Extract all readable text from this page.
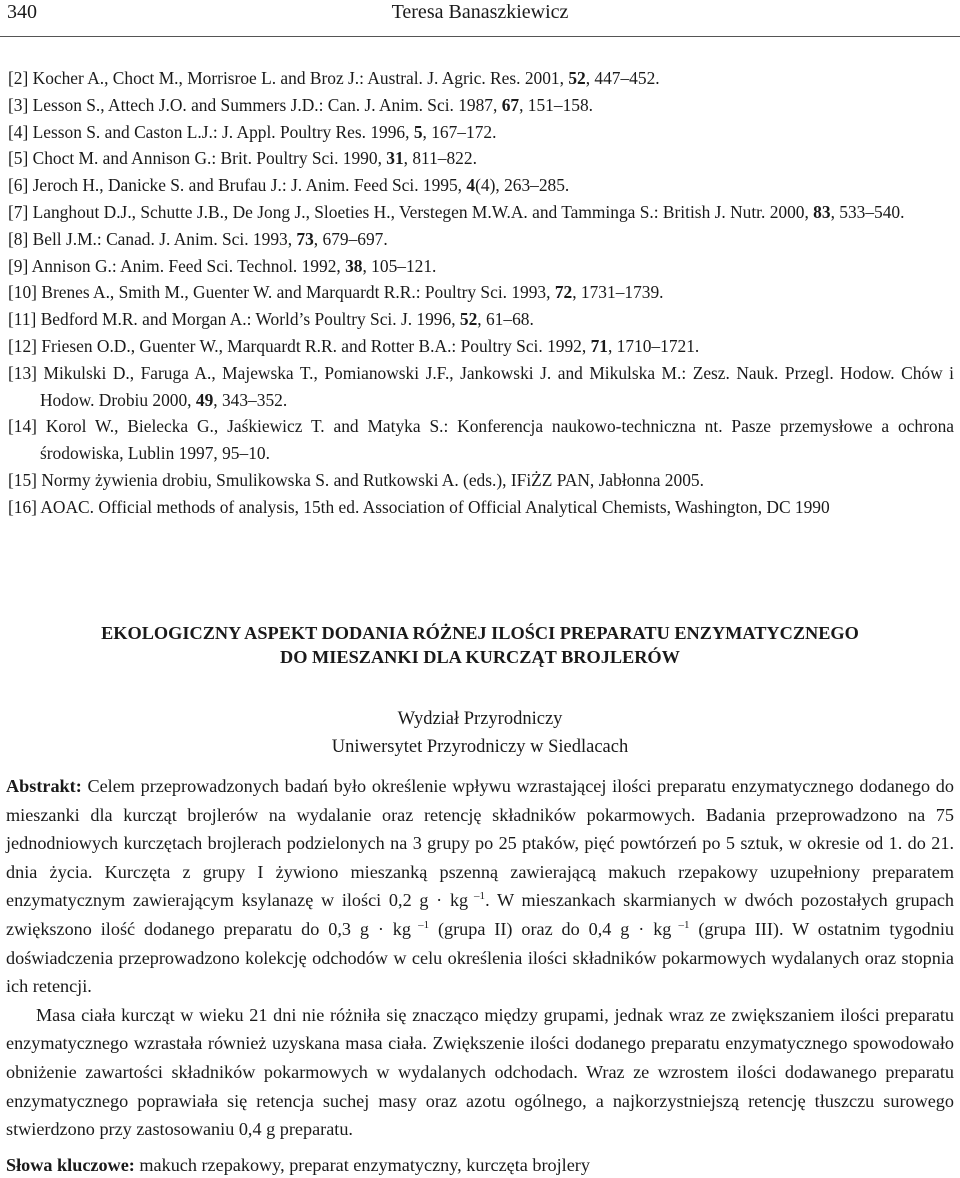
340	Teresa Banaszkiewicz
[2] Kocher A., Choct M., Morrisroe L. and Broz J.: Austral. J. Agric. Res. 2001, 52, 447–452.
[3] Lesson S., Attech J.O. and Summers J.D.: Can. J. Anim. Sci. 1987, 67, 151–158.
[4] Lesson S. and Caston L.J.: J. Appl. Poultry Res. 1996, 5, 167–172.
[5] Choct M. and Annison G.: Brit. Poultry Sci. 1990, 31, 811–822.
[6] Jeroch H., Danicke S. and Brufau J.: J. Anim. Feed Sci. 1995, 4(4), 263–285.
[7] Langhout D.J., Schutte J.B., De Jong J., Sloeties H., Verstegen M.W.A. and Tamminga S.: British J. Nutr. 2000, 83, 533–540.
[8] Bell J.M.: Canad. J. Anim. Sci. 1993, 73, 679–697.
[9] Annison G.: Anim. Feed Sci. Technol. 1992, 38, 105–121.
[10] Brenes A., Smith M., Guenter W. and Marquardt R.R.: Poultry Sci. 1993, 72, 1731–1739.
[11] Bedford M.R. and Morgan A.: World’s Poultry Sci. J. 1996, 52, 61–68.
[12] Friesen O.D., Guenter W., Marquardt R.R. and Rotter B.A.: Poultry Sci. 1992, 71, 1710–1721.
[13] Mikulski D., Faruga A., Majewska T., Pomianowski J.F., Jankowski J. and Mikulska M.: Zesz. Nauk. Przegl. Hodow. Chów i Hodow. Drobiu 2000, 49, 343–352.
[14] Korol W., Bielecka G., Jaśkiewicz T. and Matyka S.: Konferencja naukowo-techniczna nt. Pasze przemysłowe a ochrona środowiska, Lublin 1997, 95–10.
[15] Normy żywienia drobiu, Smulikowska S. and Rutkowski A. (eds.), IFiŻZ PAN, Jabłonna 2005.
[16] AOAC. Official methods of analysis, 15th ed. Association of Official Analytical Chemists, Washington, DC 1990
EKOLOGICZNY ASPEKT DODANIA RÓŻNEJ ILOŚCI PREPARATU ENZYMATYCZNEGO
DO MIESZANKI DLA KURCZĄT BROJLERÓW
Wydział Przyrodniczy
Uniwersytet Przyrodniczy w Siedlacach

Abstrakt: Celem przeprowadzonych badań było określenie wpływu wzrastającej ilości preparatu enzymatycznego dodanego do mieszanki dla kurcząt brojlerów na wydalanie oraz retencję składników pokarmowych. Badania przeprowadzono na 75 jednodniowych kurczętach brojlerach podzielonych na 3 grupy po 25 ptaków, pięć powtórzeń po 5 sztuk, w okresie od 1. do 21. dnia życia. Kurczęta z grupy I żywiono mieszanką pszenną zawierającą makuch rzepakowy uzupełniony preparatem enzymatycznym zawierającym ksylanazę w ilości 0,2 g · kg $^{-1}$. W mieszankach skarmianych w dwóch pozostałych grupach zwiększono ilość dodanego preparatu do 0,3 g · kg $^{-1}$ (grupa II) oraz do 0,4 g · kg $^{-1}$ (grupa III). W ostatnim tygodniu doświadczenia przeprowadzono kolekcję odchodów w celu określenia ilości składników pokarmowych wydalanych oraz stopnia ich retencji.

Masa ciała kurcząt w wieku 21 dni nie różniła się znacząco między grupami, jednak wraz ze zwiększaniem ilości preparatu enzymatycznego wzrastała również uzyskana masa ciała. Zwiększenie ilości dodanego preparatu enzymatycznego spowodowało obniżenie zawartości składników pokarmowych w wydalanych odchodach. Wraz ze wzrostem ilości dodawanego preparatu enzymatycznego poprawiała się retencja suchej masy oraz azotu ogólnego, a najkorzystniejszą retencję tłuszczu surowego stwierdzono przy zastosowaniu 0,4 g preparatu.

Słowa kluczowe: makuch rzepakowy, preparat enzymatyczny, kurczęta brojlery
